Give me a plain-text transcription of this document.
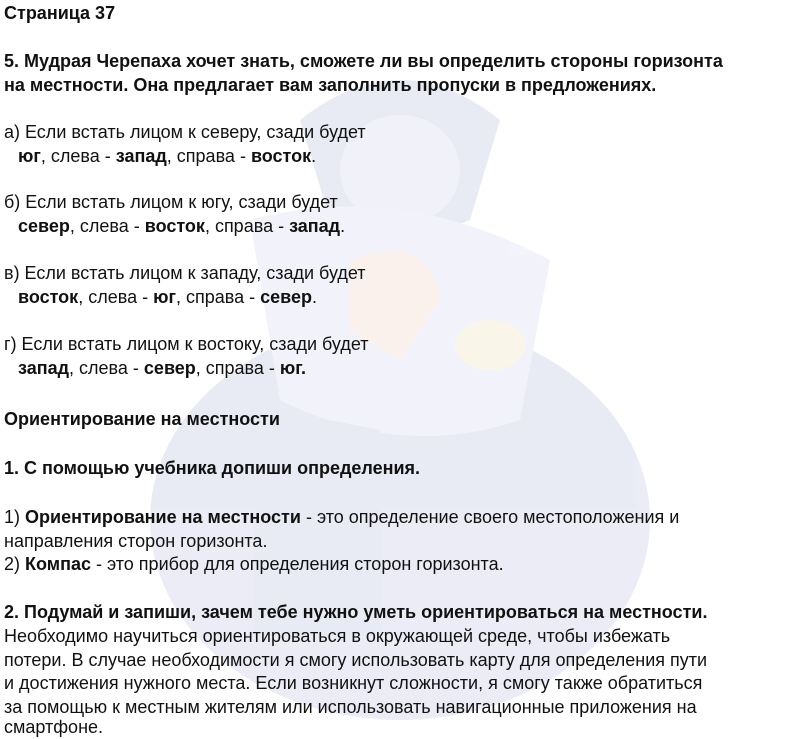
Страница 37
5. Мудрая Черепаха хочет знать, сможете ли вы определить стороны горизонта
на местности. Она предлагает вам заполнить пропуски в предложениях.
а) Если встать лицом к северу, сзади будет
юг, слева - запад, справа - восток.
б) Если встать лицом к югу, сзади будет
север, слева - восток, справа - запад.
в) Если встать лицом к западу, сзади будет
восток, слева - юг, справа - север.
г) Если встать лицом к востоку, сзади будет
запад, слева - север, справа - юг.
Ориентирование на местности
1. С помощью учебника допиши определения.
1) Ориентирование на местности - это определение своего местоположения и
направления сторон горизонта.
2) Компас - это прибор для определения сторон горизонта.
2. Подумай и запиши, зачем тебе нужно уметь ориентироваться на местности.
Необходимо научиться ориентироваться в окружающей среде, чтобы избежать
потери. В случае необходимости я смогу использовать карту для определения пути
и достижения нужного места. Если возникнут сложности, я смогу также обратиться
за помощью к местным жителям или использовать навигационные приложения на
смартфоне.
